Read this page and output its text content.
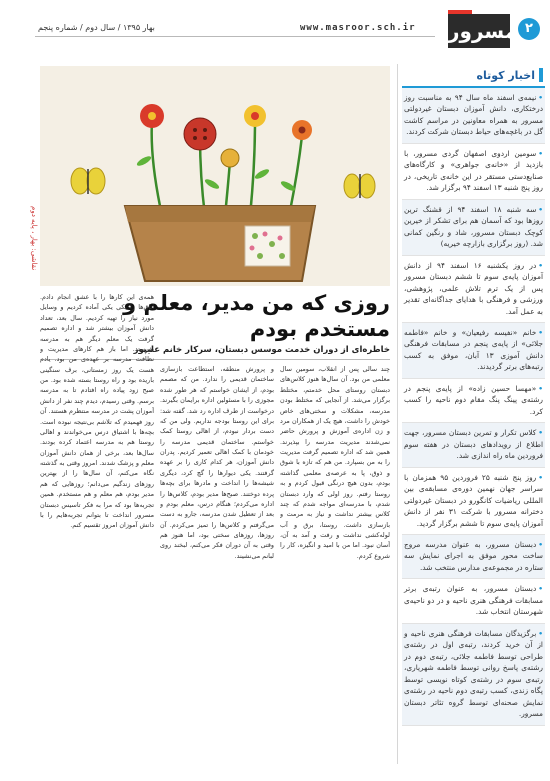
۲
مسرور
www.masroor.sch.ir
بهار ۱۳۹۵ / سال دوم / شماره پنجم
اخبار کوتاه
•نیمه‌ی اسفند ماه سال ۹۴ به مناسبت روز درختکاری، دانش آموزان دبستان غیردولتی مسرور به همراه معاونین در مراسم کاشت گل در باغچه‌های حیاط دبستان شرکت کردند.
•سومین اردوی اصفهان گردی مسرور، با بازدید از «خانه‌ی جواهری» و کارگاه‌های صنایع‌دستی مستقر در این خانه‌ی تاریخی، در روز پنج شنبه ۱۳ اسفند ۹۴ برگزار شد.
•سه شنبه ۱۸ اسفند ۹۴ از قشنگ ترین روزها بود که آسمان هم برای تشکر از خیرین کوچک دبستان مسرور، شاد و رنگین کمانی شد. (روز برگزاری بازارچه خیریه)
•در روز یکشنبه ۱۶ اسفند ۹۴ از دانش آموزان پایه‌ی سوم تا ششم دبستان مسرور پس از یک ترم تلاش علمی، پژوهشی، ورزشی و فرهنگی با هدایای جداگانه‌ای تقدیر به عمل آمد.
•خانم «نفیسه رفیعیان» و خانم «فاطمه جلائی» از پایه‌ی پنجم در مسابقات فرهنگی دانش آموزی ۱۳ آبان، موفق به کسب رتبه‌های برتر گردیدند.
•«مهسا حسین زاده» از پایه‌ی پنجم در رشته‌ی پینگ پنگ مقام دوم ناحیه را کسب کرد.
•کلاس تکرار و تمرین دبستان مسرور، جهت اطلاع از رویدادهای دبستان در هفته سوم فروردین ماه راه اندازی شد.
•روز پنج شنبه ۲۵ فروردین ۹۵ همزمان با سراسر جهان نهمین دوره‌ی مسابقه‌ی بین المللی ریاضیات کانگورو در دبستان غیردولتی دخترانه مسرور با شرکت ۳۱ نفر از دانش آموزان پایه‌ی سوم تا ششم برگزار گردید.
•دبستان مسرور، به عنوان مدرسه مروج ساخت محور موفق به اجرای نمایش سه ستاره در مجموعه‌ی مدارس منتخب شد.
•دبستان مسرور، به عنوان رتبه‌ی برتر مسابقات فرهنگی هنری ناحیه و در دو ناحیه‌ی شهرستان انتخاب شد.
•برگزیدگان مسابقات فرهنگی هنری ناحیه و از آن خرید کردند، رتبه‌ی اول در رشته‌ی طراحی توسط فاطمه جلائی، رتبه‌ی دوم در رشته‌ی پاسخ روانی توسط فاطمه شهریاری، رتبه‌ی سوم در رشته‌ی کوتاه نویسی توسط پگاه زندی، کسب رتبه‌ی دوم ناحیه در رشته‌ی نمایش صحنه‌ای توسط گروه تئاتر دبستان مسرور.
نقاشی: بهار ، پایه دوم
روزی که من مدیر، معلم و مستخدم بودم
خاطره‌ای از دوران خدمت موسس دبستان، سرکار خانم علیپور
چند سالی پس از انقلاب، سومین سال معلمی من بود. آن سال‌ها هنوز کلاس‌های دبستان روستای محل خدمتم، مختلط برگزار می‌شد. از آنجایی که مختلط بودن مدرسه، مشکلات و سختی‌های خاص خودش را داشت، هیچ یک از همکاران مرد و زن اداره‌ی آموزش و پرورش حاضر نمی‌شدند مدیریت مدرسه را بپذیرند. همین شد که اداره تصمیم گرفت مدیریت را به من بسپارد. من هم که تازه با شوق و ذوق، پا به عرصه‌ی معلمی گذاشته بودم، بدون هیچ درنگی قبول کردم و به روستا رفتم. روز اولی که وارد دبستان شدم، با مدرسه‌ای مواجه شدم که چند کلاس بیشتر نداشت و نیاز به مرمت و بازسازی داشت. روستا، برق و آب لوله‌کشی نداشت و رفت و آمد به آن، آسان نبود. اما من با امید و انگیزه، کار را شروع کردم.
و پرورش منطقه، استطاعت بازسازی ساختمان قدیمی را ندارد. من که مصمم بودم، از ایشان خواستم که هر طور شده مجوزی را با مسئولین اداره برایمان بگیرند. درخواست از طرف اداره رد شد. گفته شد: برای این روستا بودجه نداریم. ولی من که دست بردار نبودم، از اهالی روستا کمک خواستم. ساختمان قدیمی مدرسه را خودمان با کمک اهالی تعمیر کردیم. پدران دانش آموزان، هر کدام کاری را بر عهده گرفتند. یکی دیوارها را گچ کرد، دیگری شیشه‌ها را انداخت و مادرها برای بچه‌ها پرده دوختند. صبح‌ها مدیر بودم، کلاس‌ها را اداره می‌کردم؛ هنگام درس، معلم بودم و بعد از تعطیل شدن مدرسه، جارو به دست می‌گرفتم و کلاس‌ها را تمیز می‌کردم. آن روزها، روزهای سختی بود، اما هنوز هم وقتی به آن دوران فکر می‌کنم، لبخند روی لبانم می‌نشیند.
همه‌ی این کارها را با عشق انجام دادم. اتاق‌ها را یکی یکی آماده کردیم و وسایل مورد نیاز را تهیه کردیم. سال بعد، تعداد دانش آموزان بیشتر شد و اداره تصمیم گرفت یک معلم دیگر هم به مدرسه بفرستد. اما باز هم کارهای مدیریت و نظافت مدرسه بر عهده‌ی من بود. یادم هست یک روز زمستانی، برف سنگینی باریده بود و راه روستا بسته شده بود. من صبح زود پیاده راه افتادم تا به مدرسه برسم. وقتی رسیدم، دیدم چند نفر از دانش آموزان پشت در مدرسه منتظرم هستند. آن روز فهمیدم که تلاشم بی‌نتیجه نبوده است. بچه‌ها با اشتیاق درس می‌خواندند و اهالی روستا هم به مدرسه اعتماد کرده بودند. سال‌ها بعد، برخی از همان دانش آموزان معلم و پزشک شدند. امروز وقتی به گذشته نگاه می‌کنم، آن سال‌ها را از بهترین روزهای زندگیم می‌دانم؛ روزهایی که هم مدیر بودم، هم معلم و هم مستخدم. همین تجربه‌ها بود که مرا به فکر تاسیس دبستان مسرور انداخت تا بتوانم تجربه‌هایم را با دانش آموزان امروز تقسیم کنم.
